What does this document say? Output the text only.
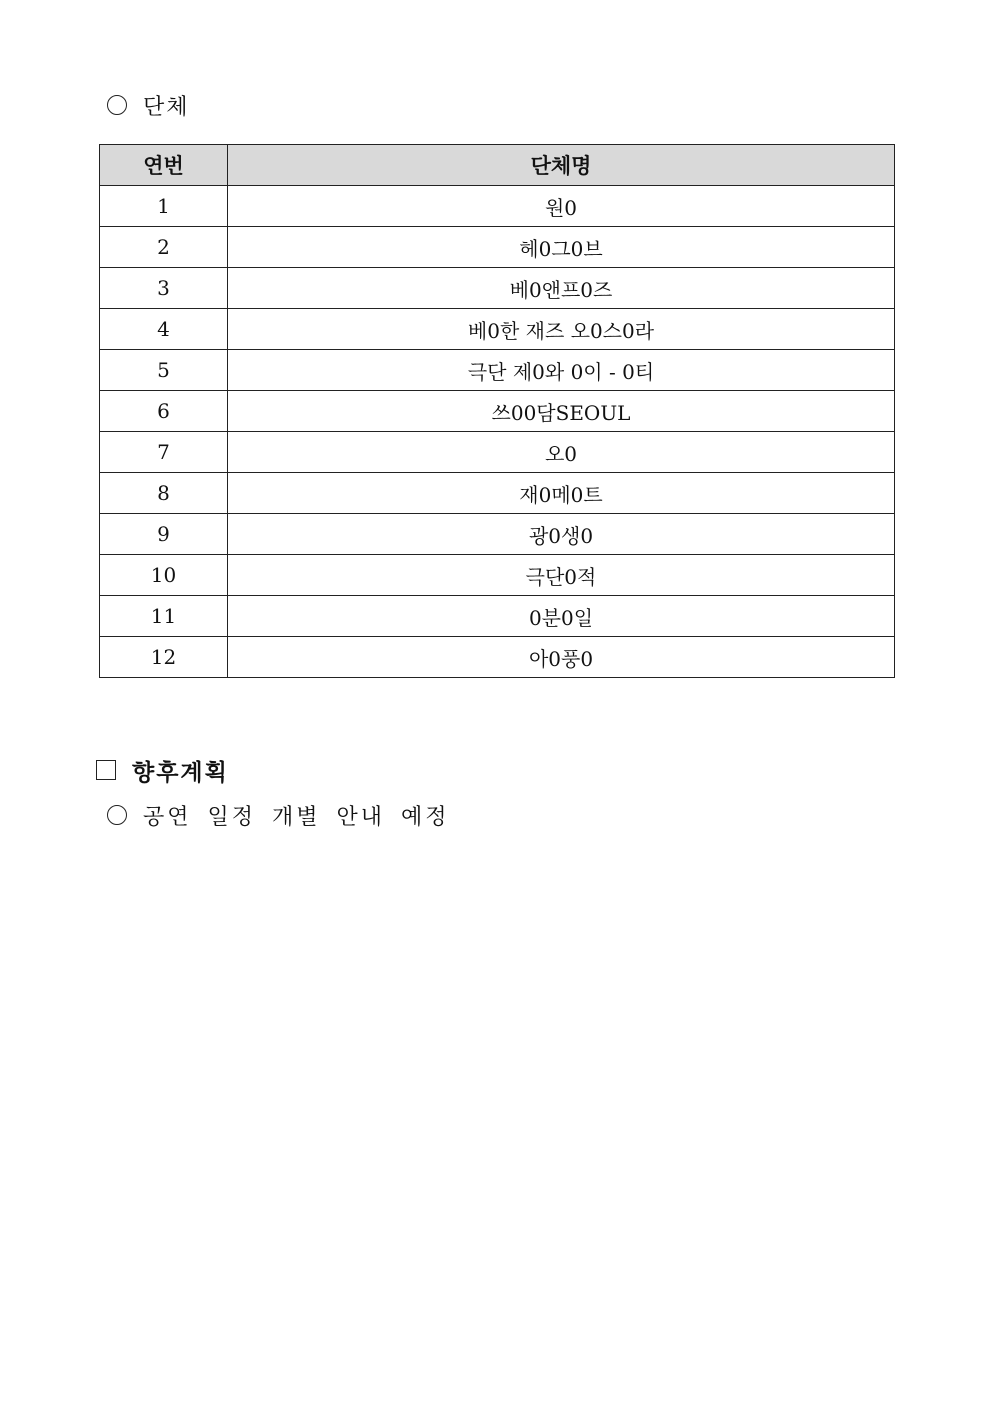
단체
연번	단체명
1	원0
2	헤0그0브
3	베0앤프0즈
4	베0한 재즈 오0스0라
5	극단 제0와 0이 - 0티
6	쓰00담SEOUL
7	오0
8	재0메0트
9	광0생0
10	극단0적
11	0분0일
12	아0풍0
향후계획
공연 일정 개별 안내 예정
